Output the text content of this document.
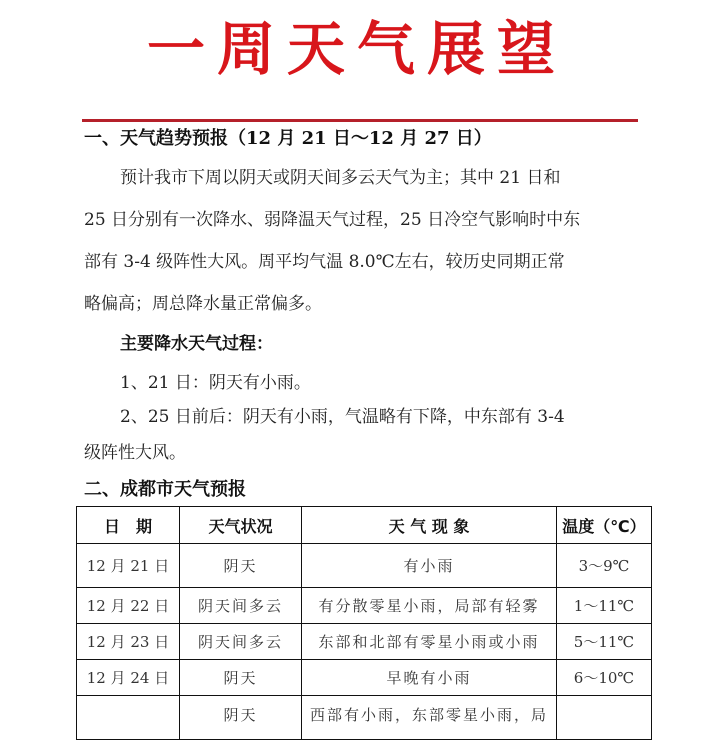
一周天气展望
一、天气趋势预报（12 月 21 日～12 月 27 日）
预计我市下周以阴天或阴天间多云天气为主；其中 21 日和
25 日分别有一次降水、弱降温天气过程，25 日冷空气影响时中东
部有 3-4 级阵性大风。周平均气温 8.0℃左右，较历史同期正常
略偏高；周总降水量正常偏多。
主要降水天气过程：
1、21 日：阴天有小雨。
2、25 日前后：阴天有小雨，气温略有下降，中东部有 3-4
级阵性大风。
二、成都市天气预报
日　期	天气状况	天 气 现 象	温度（℃）
12 月 21 日	阴天	有小雨	3～9℃
12 月 22 日	阴天间多云	有分散零星小雨，局部有轻雾	1～11℃
12 月 23 日	阴天间多云	东部和北部有零星小雨或小雨	5～11℃
12 月 24 日	阴天	早晚有小雨	6～10℃
	阴天	西部有小雨，东部零星小雨，局	
